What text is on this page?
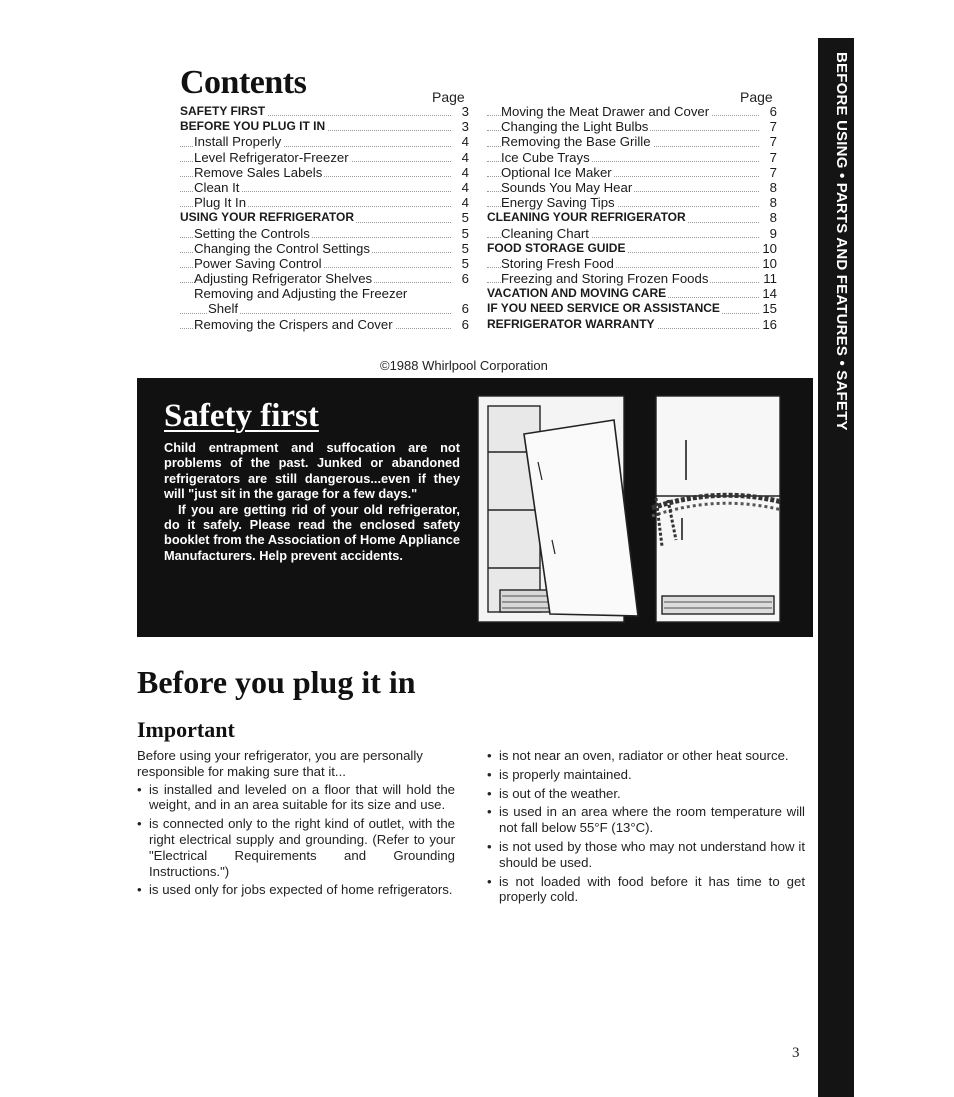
BEFORE USING • PARTS AND FEATURES • SAFETY
Contents	Page	Page
SAFETY FIRST	3
BEFORE YOU PLUG IT IN	3
Install Properly	4
Level Refrigerator-Freezer	4
Remove Sales Labels	4
Clean It	4
Plug It In	4
USING YOUR REFRIGERATOR	5
Setting the Controls	5
Changing the Control Settings	5
Power Saving Control	5
Adjusting Refrigerator Shelves	6
Removing and Adjusting the Freezer
Shelf	6
Removing the Crispers and Cover	6
Moving the Meat Drawer and Cover	6
Changing the Light Bulbs	7
Removing the Base Grille	7
Ice Cube Trays	7
Optional Ice Maker	7
Sounds You May Hear	8
Energy Saving Tips	8
CLEANING YOUR REFRIGERATOR	8
Cleaning Chart	9
FOOD STORAGE GUIDE	10
Storing Fresh Food	10
Freezing and Storing Frozen Foods	11
VACATION AND MOVING CARE	14
IF YOU NEED SERVICE OR ASSISTANCE	15
REFRIGERATOR WARRANTY	16
©1988 Whirlpool Corporation
Safety first

Child entrapment and suffocation are not problems of the past. Junked or abandoned refrigerators are still dangerous...even if they will "just sit in the garage for a few days."

If you are getting rid of your old refrigerator, do it safely. Please read the enclosed safety booklet from the Association of Home Appliance Manufacturers. Help prevent accidents.

Before you plug it in
Important
Before using your refrigerator, you are personally responsible for making sure that it...
• is installed and leveled on a floor that will hold the weight, and in an area suitable for its size and use.
• is connected only to the right kind of outlet, with the right electrical supply and grounding. (Refer to your "Electrical Requirements and Grounding Instructions.")
• is used only for jobs expected of home refrigerators.
• is not near an oven, radiator or other heat source.
• is properly maintained.
• is out of the weather.
• is used in an area where the room temperature will not fall below 55°F (13°C).
• is not used by those who may not understand how it should be used.
• is not loaded with food before it has time to get properly cold.
3
